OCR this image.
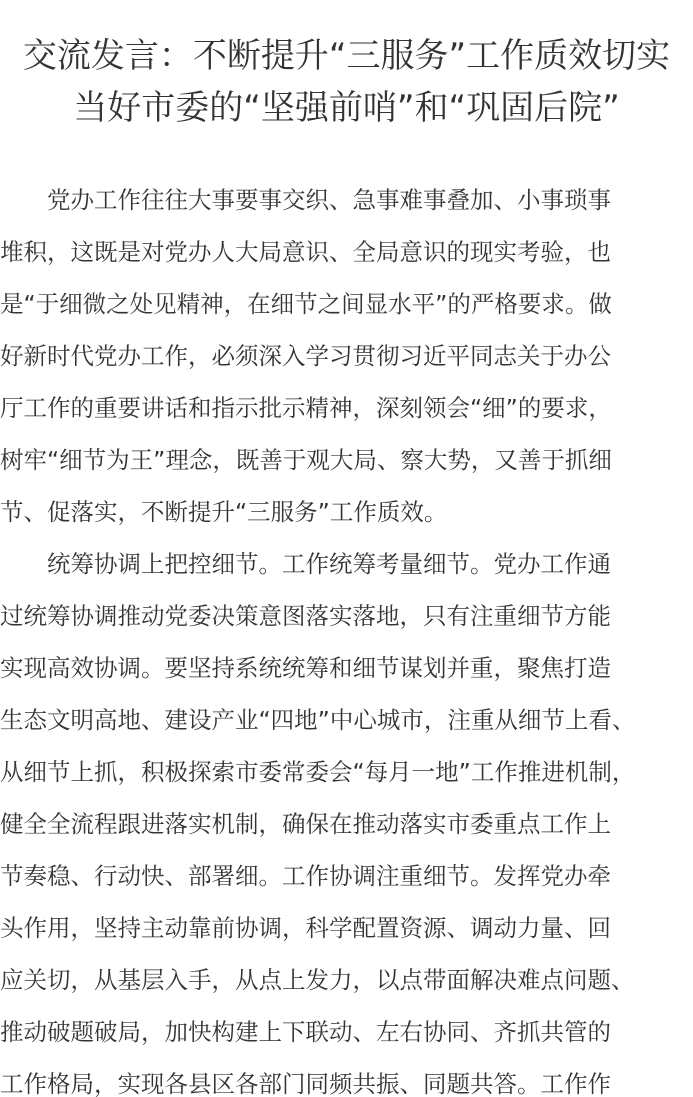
交流发言：不断提升“三服务”工作质效切实
当好市委的“坚强前哨”和“巩固后院”

党办工作往往大事要事交织、急事难事叠加、小事琐事
堆积，这既是对党办人大局意识、全局意识的现实考验，也
是“于细微之处见精神，在细节之间显水平”的严格要求。做
好新时代党办工作，必须深入学习贯彻习近平同志关于办公
厅工作的重要讲话和指示批示精神，深刻领会“细”的要求，
树牢“细节为王”理念，既善于观大局、察大势，又善于抓细
节、促落实，不断提升“三服务”工作质效。

统筹协调上把控细节。工作统筹考量细节。党办工作通
过统筹协调推动党委决策意图落实落地，只有注重细节方能
实现高效协调。要坚持系统统筹和细节谋划并重，聚焦打造
生态文明高地、建设产业“四地”中心城市，注重从细节上看、
从细节上抓，积极探索市委常委会“每月一地”工作推进机制，
健全全流程跟进落实机制，确保在推动落实市委重点工作上
节奏稳、行动快、部署细。工作协调注重细节。发挥党办牵
头作用，坚持主动靠前协调，科学配置资源、调动力量、回
应关切，从基层入手，从点上发力，以点带面解决难点问题、
推动破题破局，加快构建上下联动、左右协同、齐抓共管的
工作格局，实现各县区各部门同频共振、同题共答。工作作
